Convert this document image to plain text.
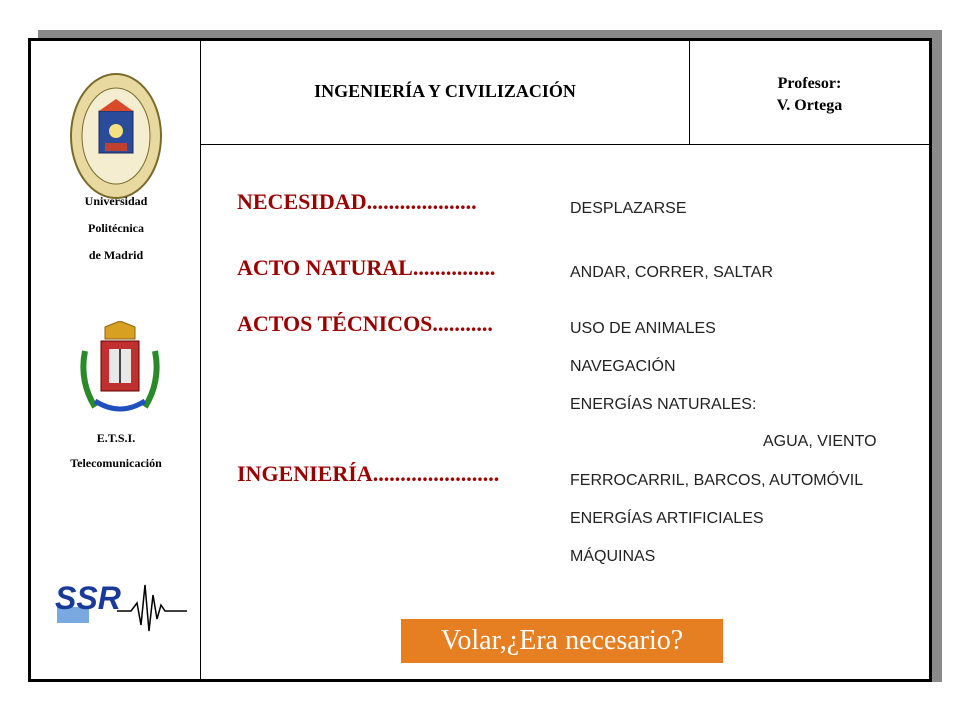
Universidad
Politécnica
de Madrid
E.T.S.I.
Telecomunicación
SSR
INGENIERÍA Y CIVILIZACIÓN	Profesor:
V. Ortega
NECESIDAD....................	DESPLAZARSE
ACTO NATURAL...............	ANDAR, CORRER, SALTAR
ACTOS TÉCNICOS...........	USO DE ANIMALES
NAVEGACIÓN
ENERGÍAS NATURALES:
AGUA, VIENTO
INGENIERÍA.......................	FERROCARRIL, BARCOS, AUTOMÓVIL
ENERGÍAS ARTIFICIALES
MÁQUINAS
Volar,¿Era necesario?
